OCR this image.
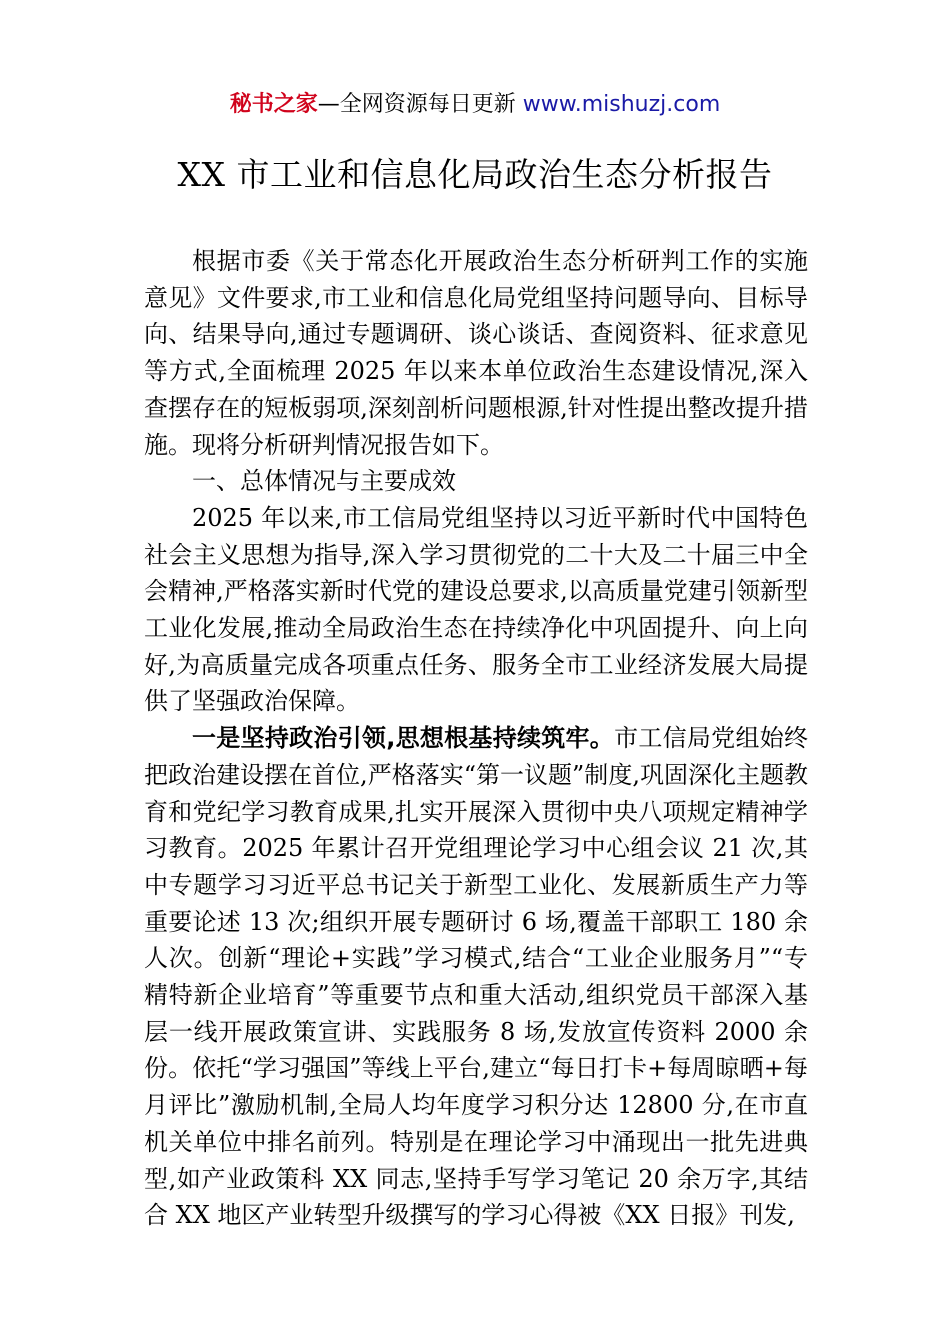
秘书之家—全网资源每日更新 www.mishuzj.com
XX 市工业和信息化局政治生态分析报告

根据市委《关于常态化开展政治生态分析研判工作的实施意见》文件要求,市工业和信息化局党组坚持问题导向、目标导向、结果导向,通过专题调研、谈心谈话、查阅资料、征求意见等方式,全面梳理 2025 年以来本单位政治生态建设情况,深入查摆存在的短板弱项,深刻剖析问题根源,针对性提出整改提升措施。现将分析研判情况报告如下。

一、总体情况与主要成效

2025 年以来,市工信局党组坚持以习近平新时代中国特色社会主义思想为指导,深入学习贯彻党的二十大及二十届三中全会精神,严格落实新时代党的建设总要求,以高质量党建引领新型工业化发展,推动全局政治生态在持续净化中巩固提升、向上向好,为高质量完成各项重点任务、服务全市工业经济发展大局提供了坚强政治保障。

一是坚持政治引领,思想根基持续筑牢。市工信局党组始终把政治建设摆在首位,严格落实“第一议题”制度,巩固深化主题教育和党纪学习教育成果,扎实开展深入贯彻中央八项规定精神学习教育。2025 年累计召开党组理论学习中心组会议 21 次,其中专题学习习近平总书记关于新型工业化、发展新质生产力等重要论述 13 次;组织开展专题研讨 6 场,覆盖干部职工 180 余人次。创新“理论+实践”学习模式,结合“工业企业服务月”“专精特新企业培育”等重要节点和重大活动,组织党员干部深入基层一线开展政策宣讲、实践服务 8 场,发放宣传资料 2000 余份。依托“学习强国”等线上平台,建立“每日打卡+每周晾晒+每月评比”激励机制,全局人均年度学习积分达 12800 分,在市直机关单位中排名前列。特别是在理论学习中涌现出一批先进典型,如产业政策科 XX 同志,坚持手写学习笔记 20 余万字,其结合 XX 地区产业转型升级撰写的学习心得被《XX 日报》刊发,
